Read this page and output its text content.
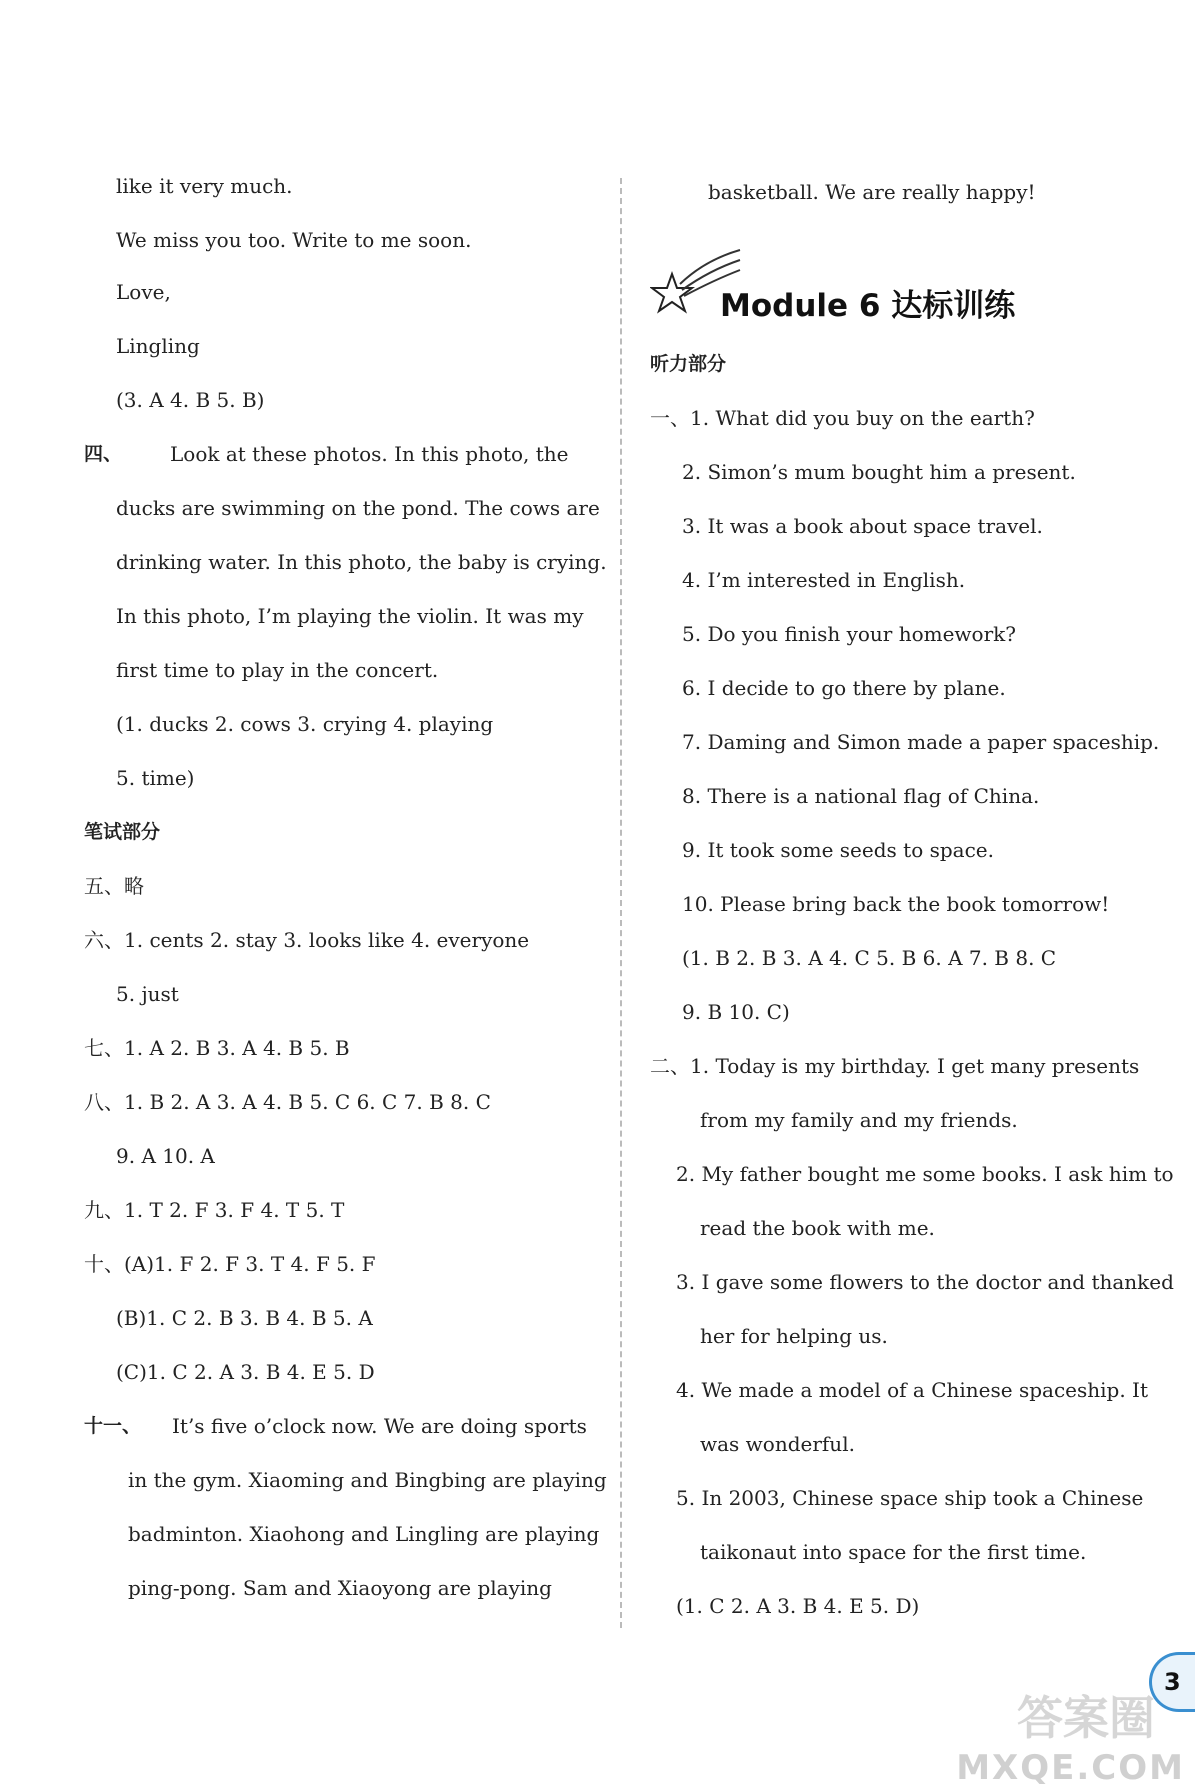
like it very much.
We miss you too. Write to me soon.
Love,
Lingling
(3. A 4. B 5. B)
四、 Look at these photos. In this photo, the
ducks are swimming on the pond. The cows are
drinking water. In this photo, the baby is crying.
In this photo, I’m playing the violin. It was my
first time to play in the concert.
(1. ducks 2. cows 3. crying 4. playing
5. time)
笔试部分
五、略
六、1. cents 2. stay 3. looks like 4. everyone
5. just
七、1. A 2. B 3. A 4. B 5. B
八、1. B 2. A 3. A 4. B 5. C 6. C 7. B 8. C
9. A 10. A
九、1. T 2. F 3. F 4. T 5. T
十、(A)1. F 2. F 3. T 4. F 5. F
(B)1. C 2. B 3. B 4. B 5. A
(C)1. C 2. A 3. B 4. E 5. D
十一、 It’s five o’clock now. We are doing sports
in the gym. Xiaoming and Bingbing are playing
badminton. Xiaohong and Lingling are playing
ping-pong. Sam and Xiaoyong are playing
basketball. We are really happy!
Module 6 达标训练
听力部分
一、1. What did you buy on the earth?
2. Simon’s mum bought him a present.
3. It was a book about space travel.
4. I’m interested in English.
5. Do you finish your homework?
6. I decide to go there by plane.
7. Daming and Simon made a paper spaceship.
8. There is a national flag of China.
9. It took some seeds to space.
10. Please bring back the book tomorrow!
(1. B 2. B 3. A 4. C 5. B 6. A 7. B 8. C
9. B 10. C)
二、1. Today is my birthday. I get many presents
from my family and my friends.
2. My father bought me some books. I ask him to
read the book with me.
3. I gave some flowers to the doctor and thanked
her for helping us.
4. We made a model of a Chinese spaceship. It
was wonderful.
5. In 2003, Chinese space ship took a Chinese
taikonaut into space for the first time.
(1. C 2. A 3. B 4. E 5. D)
3
答案圈
MXQE.COM
